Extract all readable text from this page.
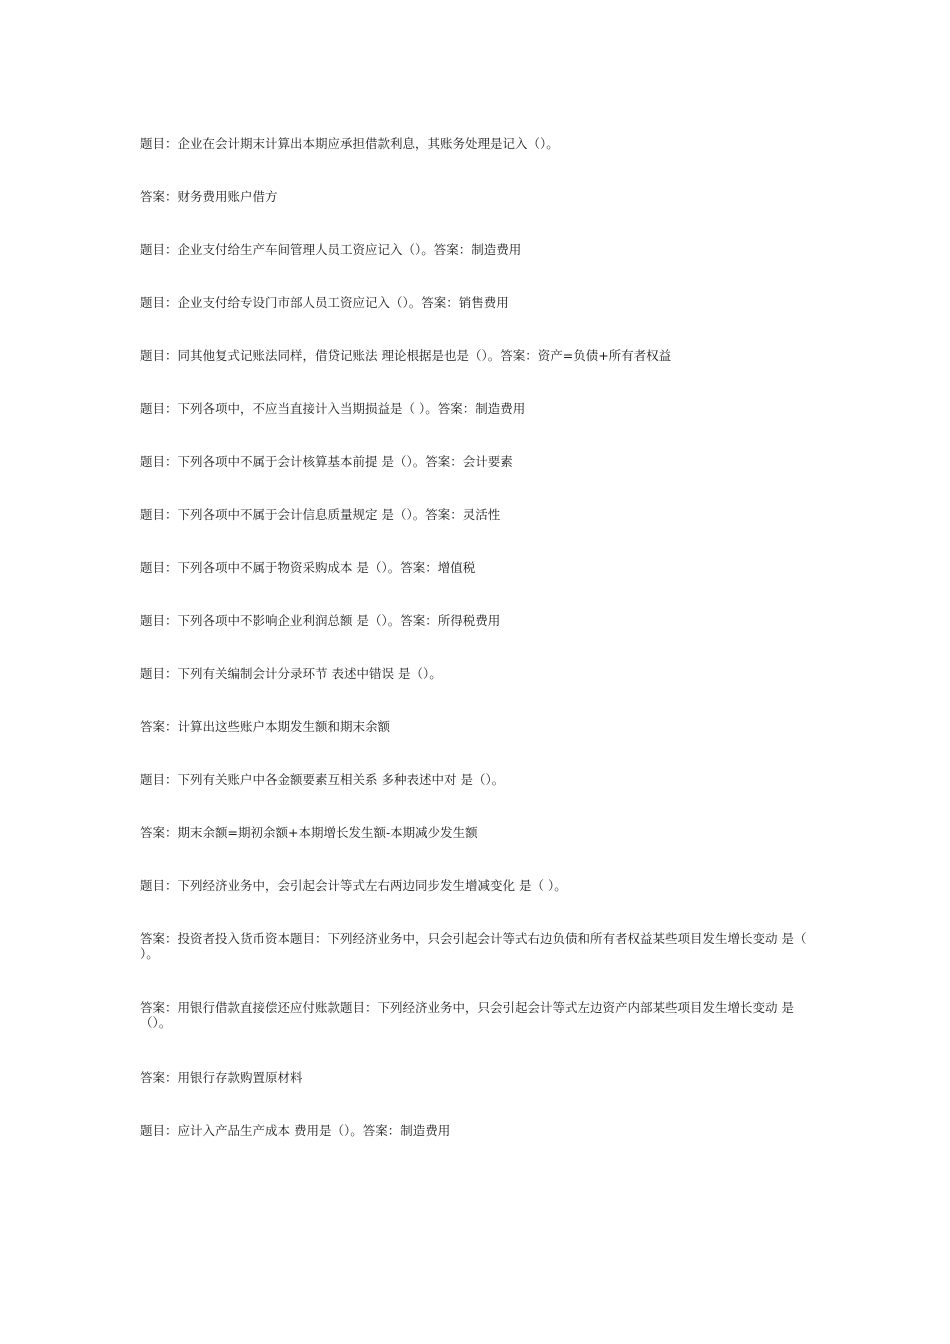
题目：企业在会计期末计算出本期应承担借款利息，其账务处理是记入（）。

答案：财务费用账户借方

题目：企业支付给生产车间管理人员工资应记入（）。答案：制造费用

题目：企业支付给专设门市部人员工资应记入（）。答案：销售费用

题目：同其他复式记账法同样，借贷记账法 理论根据是也是（）。答案：资产=负债+所有者权益

题目：下列各项中，不应当直接计入当期损益是（ ）。答案：制造费用

题目：下列各项中不属于会计核算基本前提 是（）。答案：会计要素

题目：下列各项中不属于会计信息质量规定 是（）。答案：灵活性

题目：下列各项中不属于物资采购成本 是（）。答案：增值税

题目：下列各项中不影响企业利润总额 是（）。答案：所得税费用

题目：下列有关编制会计分录环节 表述中错误 是（）。

答案：计算出这些账户本期发生额和期末余额

题目：下列有关账户中各金额要素互相关系 多种表述中对 是（）。

答案：期末余额=期初余额+本期增长发生额-本期减少发生额

题目：下列经济业务中，会引起会计等式左右两边同步发生增减变化 是（ ）。

答案：投资者投入货币资本题目：下列经济业务中，只会引起会计等式右边负债和所有者权益某些项目发生增长变动 是（ ）。

答案：用银行借款直接偿还应付账款题目：下列经济业务中，只会引起会计等式左边资产内部某些项目发生增长变动 是（）。

答案：用银行存款购置原材料

题目：应计入产品生产成本 费用是（）。答案：制造费用
